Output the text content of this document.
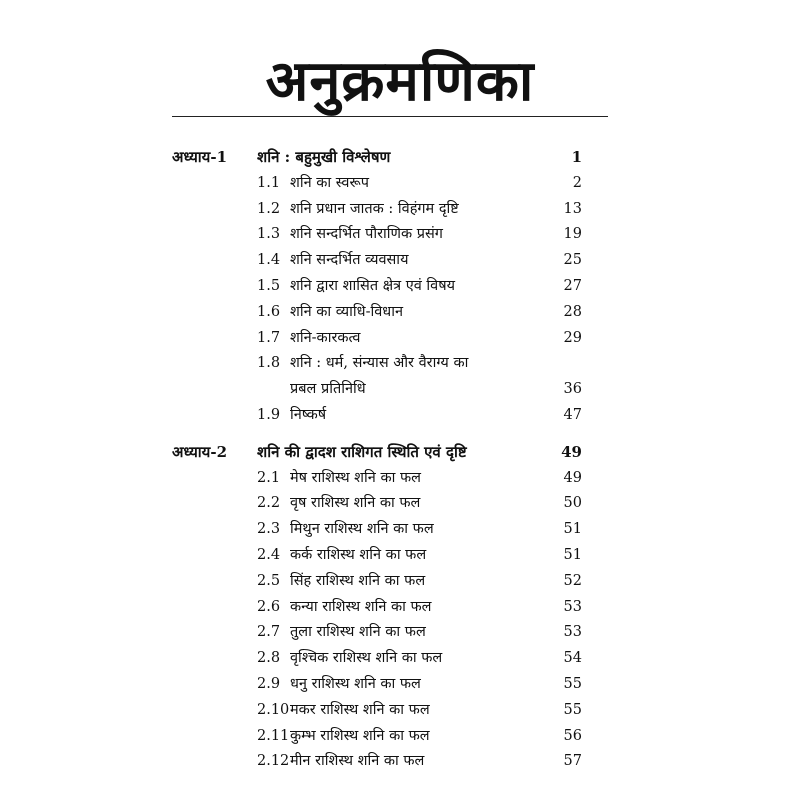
अनुक्रमणिका
अध्याय-1 शनि : बहुमुखी विश्लेषण	1
1.1 शनि का स्वरूप	2
1.2 शनि प्रधान जातक : विहंगम दृष्टि	13
1.3 शनि सन्दर्भित पौराणिक प्रसंग	19
1.4 शनि सन्दर्भित व्यवसाय	25
1.5 शनि द्वारा शासित क्षेत्र एवं विषय	27
1.6 शनि का व्याधि-विधान	28
1.7 शनि-कारकत्व	29
1.8 शनि : धर्म, संन्यास और वैराग्य का
प्रबल प्रतिनिधि	36
1.9 निष्कर्ष	47
अध्याय-2 शनि की द्वादश राशिगत स्थिति एवं दृष्टि	49
2.1 मेष राशिस्थ शनि का फल	49
2.2 वृष राशिस्थ शनि का फल	50
2.3 मिथुन राशिस्थ शनि का फल	51
2.4 कर्क राशिस्थ शनि का फल	51
2.5 सिंह राशिस्थ शनि का फल	52
2.6 कन्या राशिस्थ शनि का फल	53
2.7 तुला राशिस्थ शनि का फल	53
2.8 वृश्चिक राशिस्थ शनि का फल	54
2.9 धनु राशिस्थ शनि का फल	55
2.10 मकर राशिस्थ शनि का फल	55
2.11 कुम्भ राशिस्थ शनि का फल	56
2.12 मीन राशिस्थ शनि का फल	57
